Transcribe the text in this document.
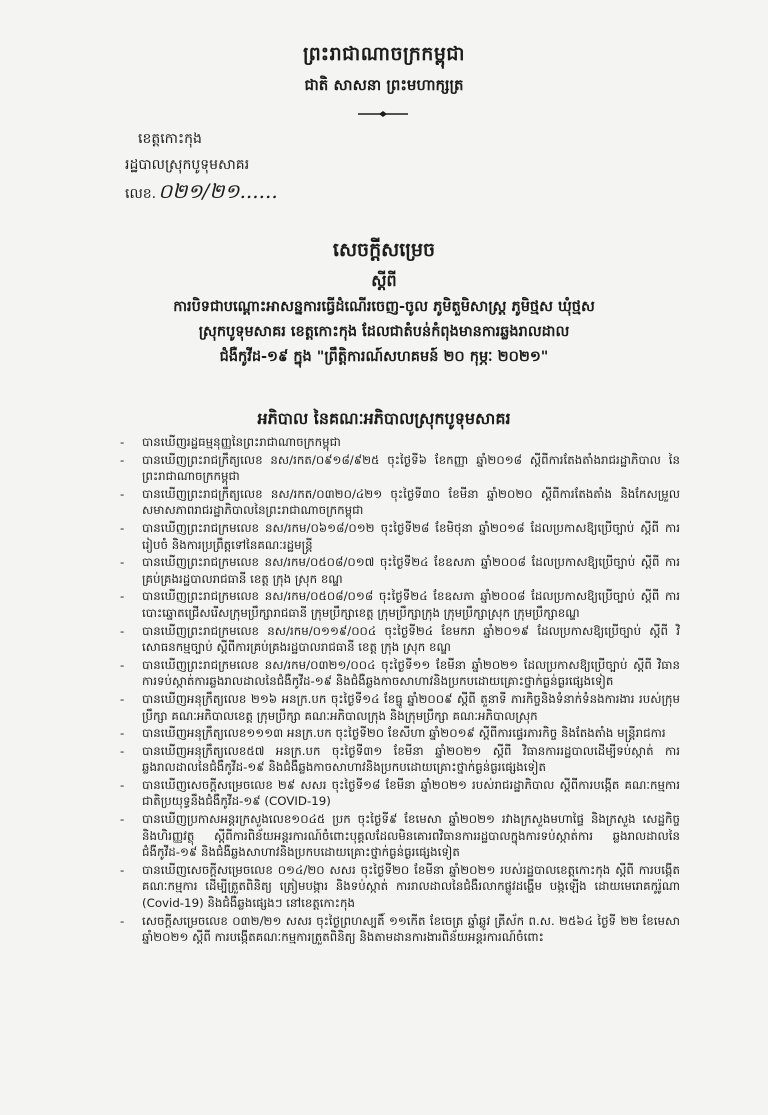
ព្រះរាជាណាចក្រកម្ពុជា
ជាតិ សាសនា ព្រះមហាក្សត្រ
ខេត្តកោះកុង
រដ្ឋបាលស្រុកបូទុមសាគរ
លេខ. ០២១/២១......
សេចក្តីសម្រេច
ស្តីពី
ការបិទជាបណ្តោះអាសន្នការធ្វើដំណើរចេញ-ចូល ភូមិតួមិសាស្រ្ត ភូមិថ្មស ឃុំថ្មស
ស្រុកបូទុមសាគរ ខេត្តកោះកុង ដែលជាតំបន់កំពុងមានការឆ្លងរាលដាល
ជំងឺកូវីដ-១៩ ក្នុង "ព្រឹត្តិការណ៍សហគមន៍ ២០ កុម្ភៈ ២០២១"
អភិបាល នៃគណៈអភិបាលស្រុកបូទុមសាគរ
- បានឃើញរដ្ឋធម្មនុញ្ញនៃព្រះរាជាណាចក្រកម្ពុជា
- បានឃើញព្រះរាជក្រឹត្យលេខ នស/រកត/០៩១៨/៩២៥ ចុះថ្ងៃទី៦ ខែកញ្ញា ឆ្នាំ២០១៨ ស្តីពីការតែងតាំងរាជរដ្ឋាភិបាល នៃព្រះរាជាណាចក្រកម្ពុជា
- បានឃើញព្រះរាជក្រឹត្យលេខ នស/រកត/០៣២០/៤២១ ចុះថ្ងៃទី៣០ ខែមីនា ឆ្នាំ២០២០ ស្តីពីការតែងតាំង និងកែសម្រួល សមាសភាពរាជរដ្ឋាភិបាលនៃព្រះរាជាណាចក្រកម្ពុជា
- បានឃើញព្រះរាជក្រមលេខ នស/រកម/០៦១៨/០១២ ចុះថ្ងៃទី២៨ ខែមិថុនា ឆ្នាំ២០១៨ ដែលប្រកាសឱ្យប្រើច្បាប់ ស្តីពី ការរៀបចំ និងការប្រព្រឹត្តទៅនៃគណៈរដ្ឋមន្ត្រី
- បានឃើញព្រះរាជក្រមលេខ នស/រកម/០៥០៨/០១៧ ចុះថ្ងៃទី២៤ ខែឧសភា ឆ្នាំ២០០៨ ដែលប្រកាសឱ្យប្រើច្បាប់ ស្តីពី ការគ្រប់គ្រងរដ្ឋបាលរាជធានី ខេត្ត ក្រុង ស្រុក ខណ្ឌ
- បានឃើញព្រះរាជក្រមលេខ នស/រកម/០៥០៨/០១៨ ចុះថ្ងៃទី២៤ ខែឧសភា ឆ្នាំ២០០៨ ដែលប្រកាសឱ្យប្រើច្បាប់ ស្តីពី ការបោះឆ្នោតជ្រើសរើសក្រុមប្រឹក្សារាជធានី ក្រុមប្រឹក្សាខេត្ត ក្រុមប្រឹក្សាក្រុង ក្រុមប្រឹក្សាស្រុក ក្រុមប្រឹក្សាខណ្ឌ
- បានឃើញព្រះរាជក្រមលេខ នស/រកម/០១១៩/០០៤ ចុះថ្ងៃទី២៤ ខែមករា ឆ្នាំ២០១៩ ដែលប្រកាសឱ្យប្រើច្បាប់ ស្តីពី វិសោធនកម្មច្បាប់ ស្តីពីការគ្រប់គ្រងរដ្ឋបាលរាជធានី ខេត្ត ក្រុង ស្រុក ខណ្ឌ
- បានឃើញព្រះរាជក្រមលេខ នស/រកម/០៣២១/០០៤ ចុះថ្ងៃទី១១ ខែមីនា ឆ្នាំ២០២១ ដែលប្រកាសឱ្យប្រើច្បាប់ ស្តីពី វិធានការទប់ស្កាត់ការឆ្លងរាលដាលនៃជំងឺកូវីដ-១៩ និងជំងឺឆ្លងកាចសាហាវនិងប្រកបដោយគ្រោះថ្នាក់ធ្ងន់ធ្ងរផ្សេងទៀត
- បានឃើញអនុក្រឹត្យលេខ ២១៦ អនក្រ.បក ចុះថ្ងៃទី១៤ ខែធ្នូ ឆ្នាំ២០០៩ ស្តីពី តួនាទី ភារកិច្ចនិងទំនាក់ទំនងការងារ របស់ក្រុមប្រឹក្សា គណៈអភិបាលខេត្ត ក្រុមប្រឹក្សា គណៈអភិបាលក្រុង និងក្រុមប្រឹក្សា គណៈអភិបាលស្រុក
- បានឃើញអនុក្រឹត្យលេខ១១១៣ អនក្រ.បក ចុះថ្ងៃទី២០ ខែសីហា ឆ្នាំ២០១៩ ស្តីពីការផ្ទេរភារកិច្ច និងតែងតាំង មន្ត្រីរាជការ
- បានឃើញអនុក្រឹត្យលេខ៥៧ អនក្រ.បក ចុះថ្ងៃទី៣១ ខែមីនា ឆ្នាំ២០២១ ស្តីពី វិធានការរដ្ឋបាលដើម្បីទប់ស្កាត់ ការឆ្លងរាលដាលនៃជំងឺកូវីដ-១៩ និងជំងឺឆ្លងកាចសាហាវនិងប្រកបដោយគ្រោះថ្នាក់ធ្ងន់ធ្ងរផ្សេងទៀត
- បានឃើញសេចក្តីសម្រេចលេខ ២៩ សសរ ចុះថ្ងៃទី១៨ ខែមីនា ឆ្នាំ២០២១ របស់រាជរដ្ឋាភិបាល ស្តីពីការបង្កើត គណៈកម្មការជាតិប្រយុទ្ធនឹងជំងឺកូវីដ-១៩ (COVID-19)
- បានឃើញប្រកាសអន្តរក្រសួងលេខ១០៤៥ ប្រក ចុះថ្ងៃទី៩ ខែមេសា ឆ្នាំ២០២១ រវាងក្រសួងមហាផ្ទៃ និងក្រសួង សេដ្ឋកិច្ច និងហិរញ្ញវត្ថុ ស្តីពីការពិន័យអន្តរការណ៍ចំពោះបុគ្គលដែលមិនគោរពវិធានការរដ្ឋបាលក្នុងការទប់ស្កាត់ការ ឆ្លងរាលដាលនៃជំងឺកូវីដ-១៩ និងជំងឺឆ្លងសាហាវនិងប្រកបដោយគ្រោះថ្នាក់ធ្ងន់ធ្ងរផ្សេងទៀត
- បានឃើញសេចក្តីសម្រេចលេខ ០១៤/២០ សសរ ចុះថ្ងៃទី២០ ខែមីនា ឆ្នាំ២០២១ របស់រដ្ឋបាលខេត្តកោះកុង ស្តីពី ការបង្កើតគណៈកម្មការ ដើម្បីត្រួតពិនិត្យ ត្រៀមបង្ការ និងទប់ស្កាត់ ការរាលដាលនៃជំងឺរលាកផ្លូវដង្ហើម បង្កឡើង ដោយមេរោគកូរ៉ូណា (Covid-19) និងជំងឺឆ្លងផ្សេងៗ នៅខេត្តកោះកុង
- សេចក្តីសម្រេចលេខ ០៣២/២១ សសរ ចុះថ្ងៃព្រហស្បតិ៍ ១១កើត ខែចេត្រ ឆ្នាំឆ្លូវ ត្រីស័ក ព.ស. ២៥៦៤ ថ្ងៃទី ២២ ខែមេសា ឆ្នាំ២០២១ ស្តីពី ការបង្កើតគណៈកម្មការត្រួតពិនិត្យ និងតាមដានការងារពិន័យអន្តរការណ៍ចំពោះ
